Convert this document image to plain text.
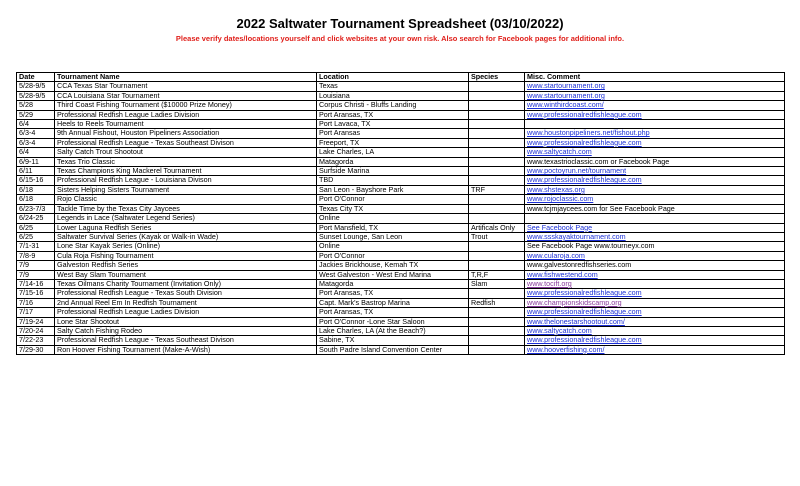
2022 Saltwater Tournament Spreadsheet (03/10/2022)
Please verify dates/locations yourself and click websites at your own risk. Also search for Facebook pages for additional info.
Date	Tournament Name	Location	Species	Misc. Comment
5/28-9/5	CCA Texas Star Tournament	Texas		www.startournament.org
5/28-9/5	CCA Louisiana Star Tournament	Louisiana		www.startournament.org
5/28	Third Coast Fishing Tournament ($10000 Prize Money)	Corpus Christi - Bluffs Landing		www.winthirdcoast.com/
5/29	Professional Redfish League Ladies Division	Port Aransas, TX		www.professionalredfishleague.com
6/4	Heels to Reels Tournament	Port Lavaca, TX		
6/3-4	9th Annual Fishout, Houston Pipeliners Association	Port Aransas		www.houstonpipeliners.net/fishout.php
6/3-4	Professional Redfish League - Texas Southeast Divison	Freeport, TX		www.professionalredfishleague.com
6/4	Salty Catch Trout Shootout	Lake Charles, LA		www.saltycatch.com
6/9-11	Texas Trio Classic	Matagorda		www.texastrioclassic.com or Facebook Page
6/11	Texas Champions King Mackerel Tournament	Surfside Marina		www.poctoyrun.net/tournament
6/15-16	Professional Redfish League - Louisiana Divison	TBD		www.professionalredfishleague.com
6/18	Sisters Helping Sisters Tournament	San Leon - Bayshore Park	TRF	www.shstexas.org
6/18	Rojo Classic	Port O'Connor		www.rojoclassic.com
6/23-7/3	Tackle Time by the Texas City Jaycees	Texas City TX		www.tcjmjaycees.com for See Facebook Page
6/24-25	Legends in Lace (Saltwater Legend Series)	Online		
6/25	Lower Laguna Redfish Series	Port Mansfield, TX	Artificals Only	See Facebook Page
6/25	Saltwater Survival Series (Kayak or Walk-in Wade)	Sunset Lounge, San Leon	Trout	www.ssskayaktournament.com
7/1-31	Lone Star Kayak Series (Online)	Online		See Facebook Page www.tourneyx.com
7/8-9	Cula Roja Fishing Tournament	Port O'Connor		www.cularoja.com
7/9	Galveston Redfish Series	Jackies Brickhouse, Kemah TX		www.galvestonredfishseries.com
7/9	West Bay Slam Tournament	West Galveston - West End Marina	T,R,F	www.fishwestend.com
7/14-16	Texas Oilmans Charity Tournament (Invitation Only)	Matagorda	Slam	www.tocift.org
7/15-16	Professional Redfish League - Texas South Division	Port Aransas, TX		www.professionalredfishleague.com
7/16	2nd Annual Reel Em In Redfish Tournament	Capt. Mark's Bastrop Marina	Redfish	www.championskidscamp.org
7/17	Professional Redfish League Ladies Division	Port Aransas, TX		www.professionalredfishleague.com
7/19-24	Lone Star Shootout	Port O'Connor -Lone Star Saloon		www.thelonestarshootout.com/
7/20-24	Salty Catch Fishing Rodeo	Lake Charles, LA (At the Beach?)		www.saltycatch.com
7/22-23	Professional Redfish League - Texas Southeast Divison	Sabine, TX		www.professionalredfishleague.com
7/29-30	Ron Hoover Fishing Tournament (Make-A-Wish)	South Padre Island Convention Center		www.hooverfishing.com/
